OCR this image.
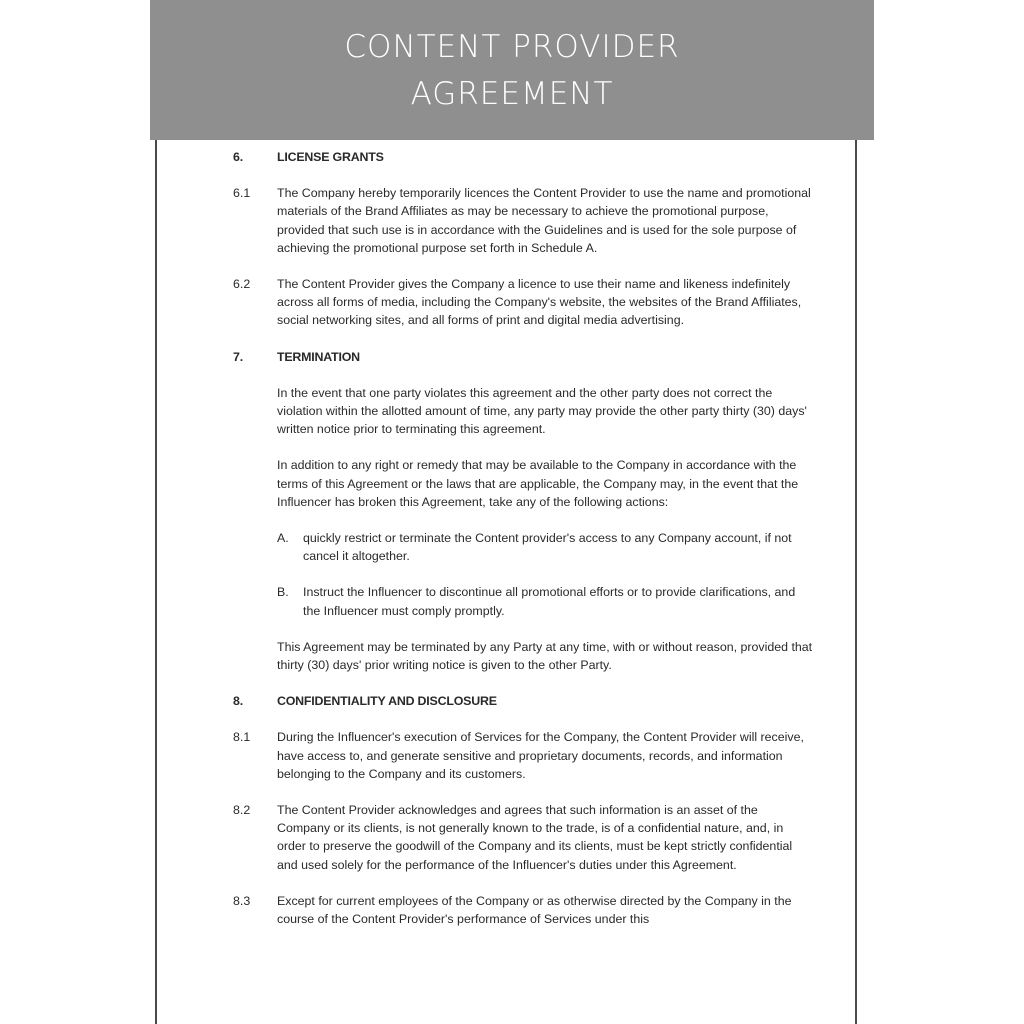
CONTENT PROVIDER
AGREEMENT
6.	LICENSE GRANTS
6.1	The Company hereby temporarily licences the Content Provider to use the name and promotional materials of the Brand Affiliates as may be necessary to achieve the promotional purpose, provided that such use is in accordance with the Guidelines and is used for the sole purpose of achieving the promotional purpose set forth in Schedule A.
6.2	The Content Provider gives the Company a licence to use their name and likeness indefinitely across all forms of media, including the Company's website, the websites of the Brand Affiliates, social networking sites, and all forms of print and digital media advertising.
7.	TERMINATION
In the event that one party violates this agreement and the other party does not correct the violation within the allotted amount of time, any party may provide the other party thirty (30) days' written notice prior to terminating this agreement.
In addition to any right or remedy that may be available to the Company in accordance with the terms of this Agreement or the laws that are applicable, the Company may, in the event that the Influencer has broken this Agreement, take any of the following actions:
A.	quickly restrict or terminate the Content provider's access to any Company account, if not cancel it altogether.
B.	Instruct the Influencer to discontinue all promotional efforts or to provide clarifications, and the Influencer must comply promptly.
This Agreement may be terminated by any Party at any time, with or without reason, provided that thirty (30) days' prior writing notice is given to the other Party.
8.	CONFIDENTIALITY AND DISCLOSURE
8.1	During the Influencer's execution of Services for the Company, the Content Provider will receive, have access to, and generate sensitive and proprietary documents, records, and information belonging to the Company and its customers.
8.2	The Content Provider acknowledges and agrees that such information is an asset of the Company or its clients, is not generally known to the trade, is of a confidential nature, and, in order to preserve the goodwill of the Company and its clients, must be kept strictly confidential and used solely for the performance of the Influencer's duties under this Agreement.
8.3	Except for current employees of the Company or as otherwise directed by the Company in the course of the Content Provider's performance of Services under this
